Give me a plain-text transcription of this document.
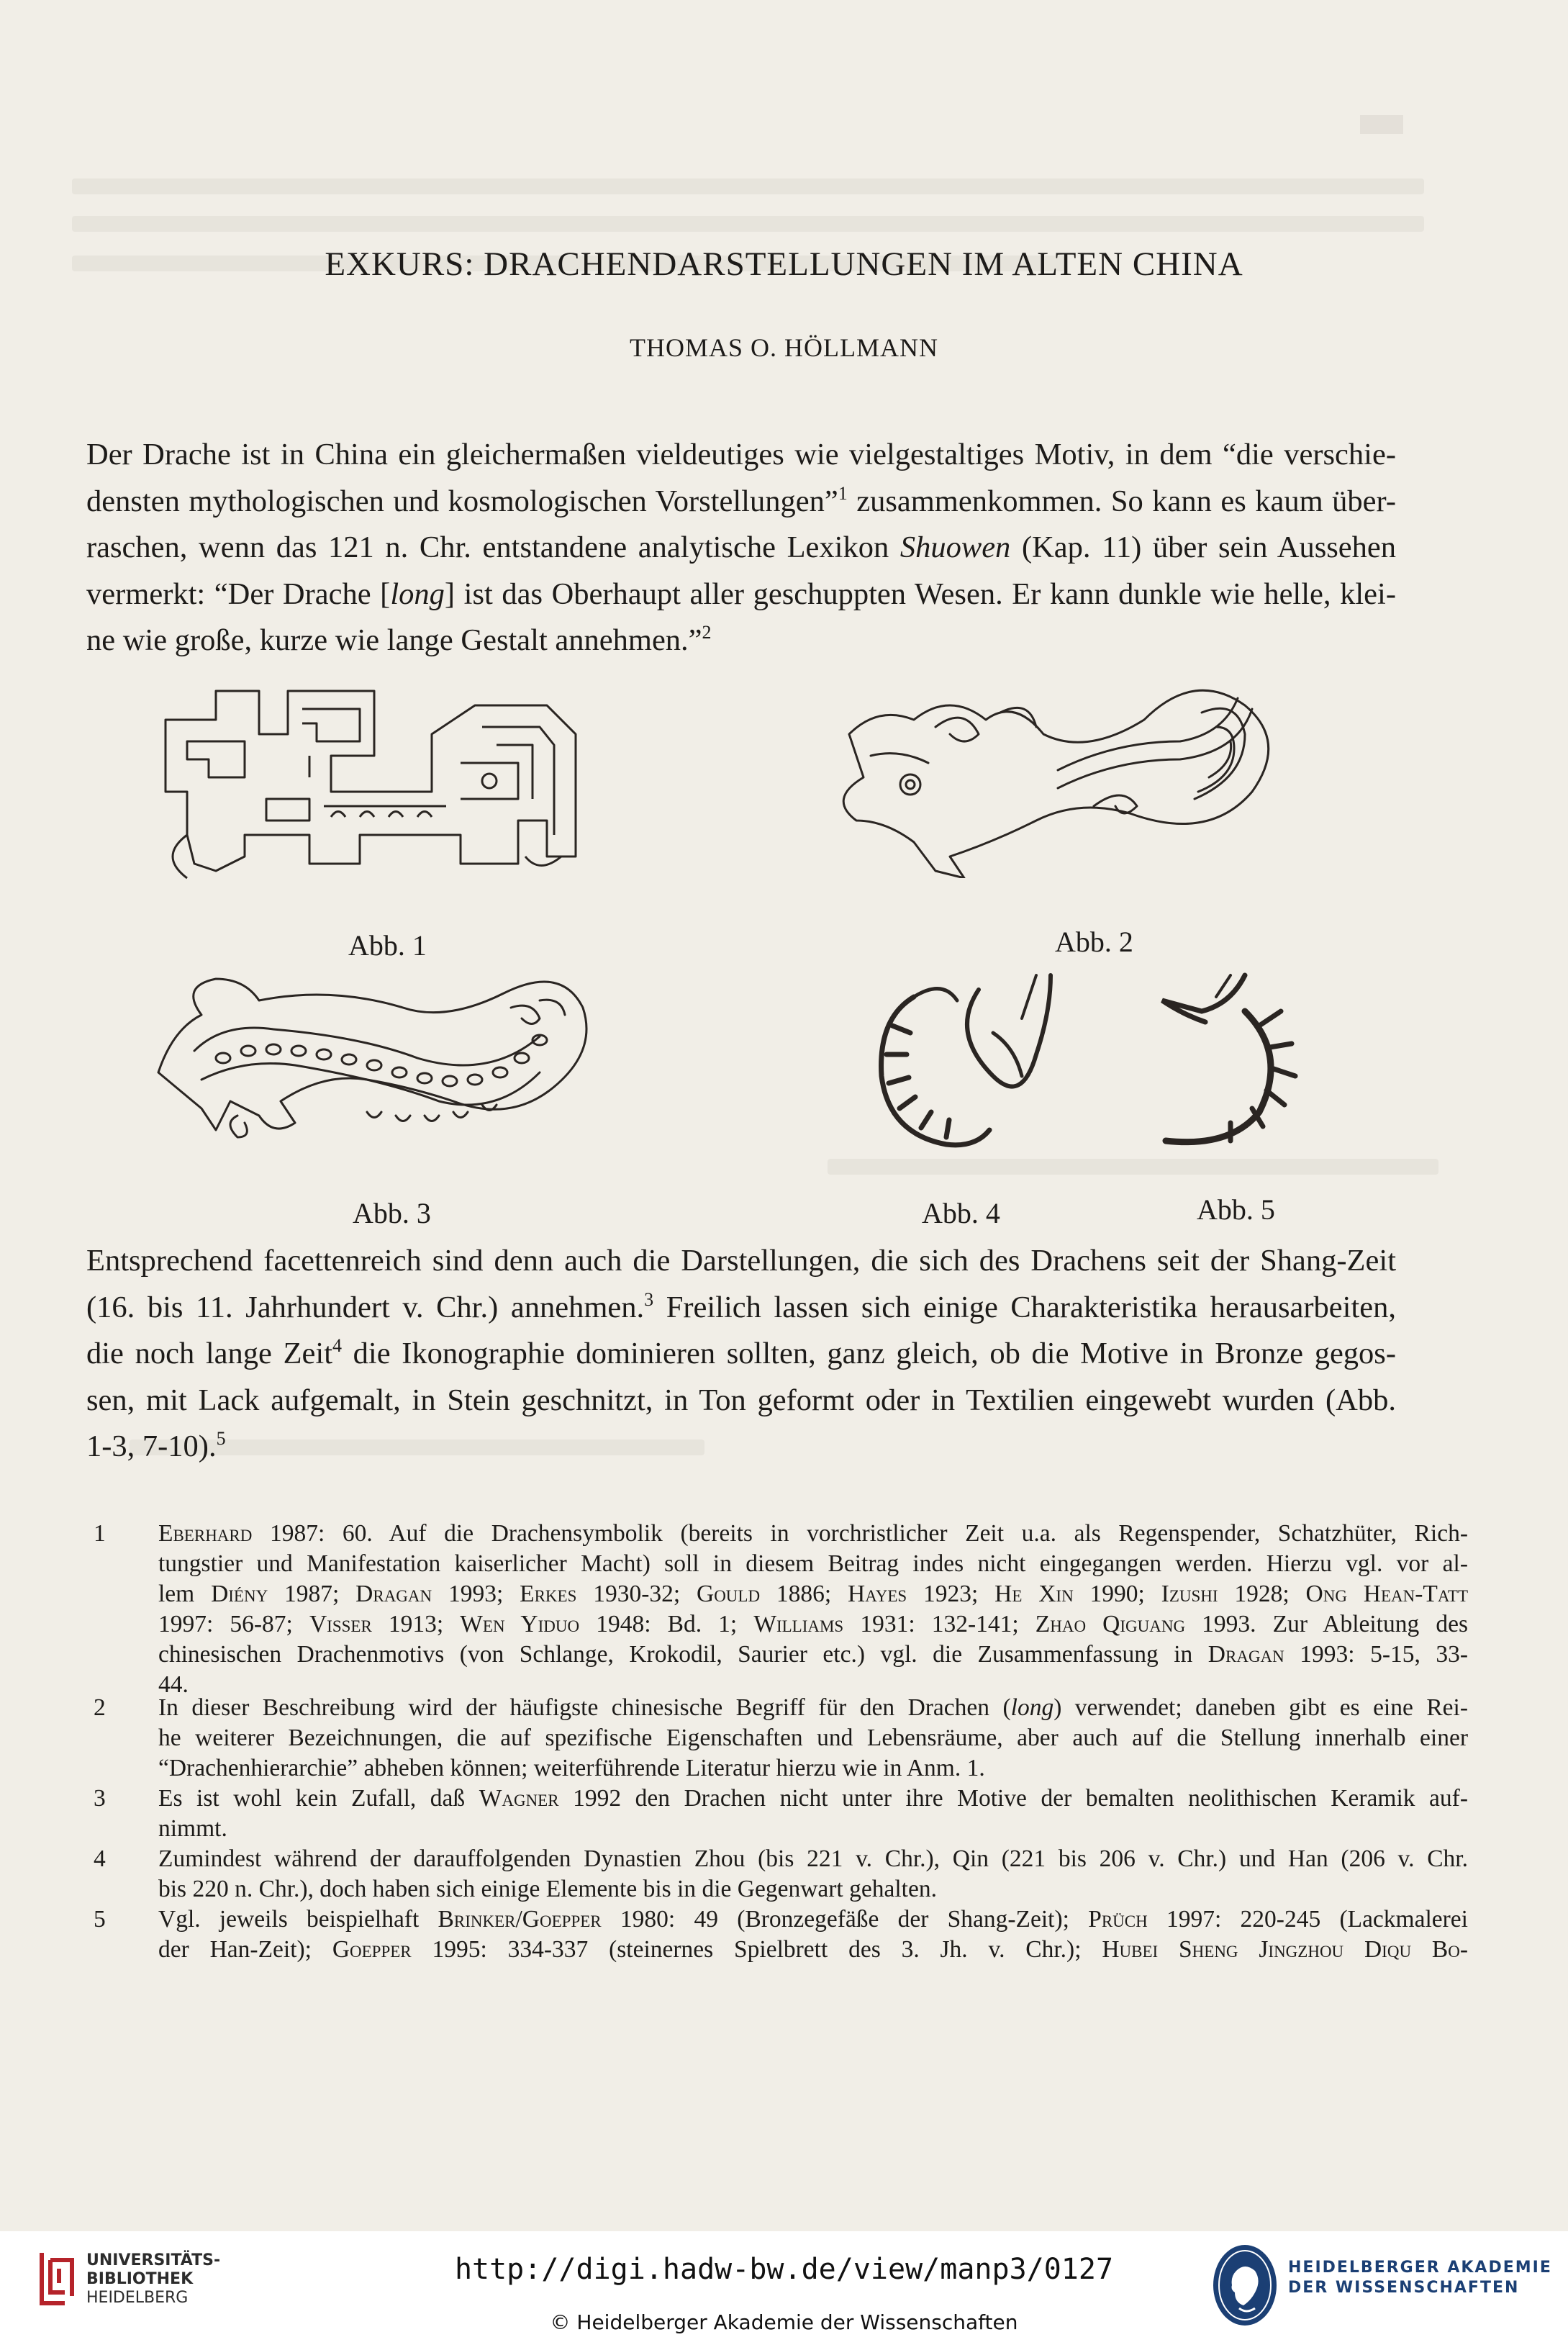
EXKURS: DRACHENDARSTELLUNGEN IM ALTEN CHINA
THOMAS O. HÖLLMANN

Der Drache ist in China ein gleichermaßen vieldeutiges wie vielgestaltiges Motiv, in dem “die verschie-

densten mythologischen und kosmologischen Vorstellungen”$^1$ zusammenkommen. So kann es kaum über-

raschen, wenn das 121 n. Chr. entstandene analytische Lexikon Shuowen (Kap. 11) über sein Aussehen

vermerkt: “Der Drache [long] ist das Oberhaupt aller geschuppten Wesen. Er kann dunkle wie helle, klei-

ne wie große, kurze wie lange Gestalt annehmen.”$^2$

Abb. 1	Abb. 2
Abb. 3	Abb. 4	Abb. 5

Entsprechend facettenreich sind denn auch die Darstellungen, die sich des Drachens seit der Shang-Zeit

(16. bis 11. Jahrhundert v. Chr.) annehmen.$^3$ Freilich lassen sich einige Charakteristika herausarbeiten,

die noch lange Zeit$^4$ die Ikonographie dominieren sollten, ganz gleich, ob die Motive in Bronze gegos-

sen, mit Lack aufgemalt, in Stein geschnitzt, in Ton geformt oder in Textilien eingewebt wurden (Abb.

1-3, 7-10).$^5$

1	Eberhard 1987: 60. Auf die Drachensymbolik (bereits in vorchristlicher Zeit u.a. als Regenspender, Schatzhüter, Rich-

tungstier und Manifestation kaiserlicher Macht) soll in diesem Beitrag indes nicht eingegangen werden. Hierzu vgl. vor al-

lem Diény 1987; Dragan 1993; Erkes 1930-32; Gould 1886; Hayes 1923; He Xin 1990; Izushi 1928; Ong Hean-Tatt

1997: 56-87; Visser 1913; Wen Yiduo 1948: Bd. 1; Williams 1931: 132-141; Zhao Qiguang 1993. Zur Ableitung des

chinesischen Drachenmotivs (von Schlange, Krokodil, Saurier etc.) vgl. die Zusammenfassung in Dragan 1993: 5-15, 33-

44.

2	In dieser Beschreibung wird der häufigste chinesische Begriff für den Drachen (long) verwendet; daneben gibt es eine Rei-

he weiterer Bezeichnungen, die auf spezifische Eigenschaften und Lebensräume, aber auch auf die Stellung innerhalb einer

“Drachenhierarchie” abheben können; weiterführende Literatur hierzu wie in Anm. 1.

3	Es ist wohl kein Zufall, daß Wagner 1992 den Drachen nicht unter ihre Motive der bemalten neolithischen Keramik auf-

nimmt.

4	Zumindest während der darauffolgenden Dynastien Zhou (bis 221 v. Chr.), Qin (221 bis 206 v. Chr.) und Han (206 v. Chr.

bis 220 n. Chr.), doch haben sich einige Elemente bis in die Gegenwart gehalten.

5	Vgl. jeweils beispielhaft Brinker/Goepper 1980: 49 (Bronzegefäße der Shang-Zeit); Prüch 1997: 220-245 (Lackmalerei

der Han-Zeit); Goepper 1995: 334-337 (steinernes Spielbrett des 3. Jh. v. Chr.); Hubei Sheng Jingzhou Diqu Bo-

UNIVERSITÄTS-
BIBLIOTHEK
HEIDELBERG
http://digi.hadw-bw.de/view/manp3/0127
© Heidelberger Akademie der Wissenschaften
HEIDELBERGER AKADEMIE
DER WISSENSCHAFTEN
